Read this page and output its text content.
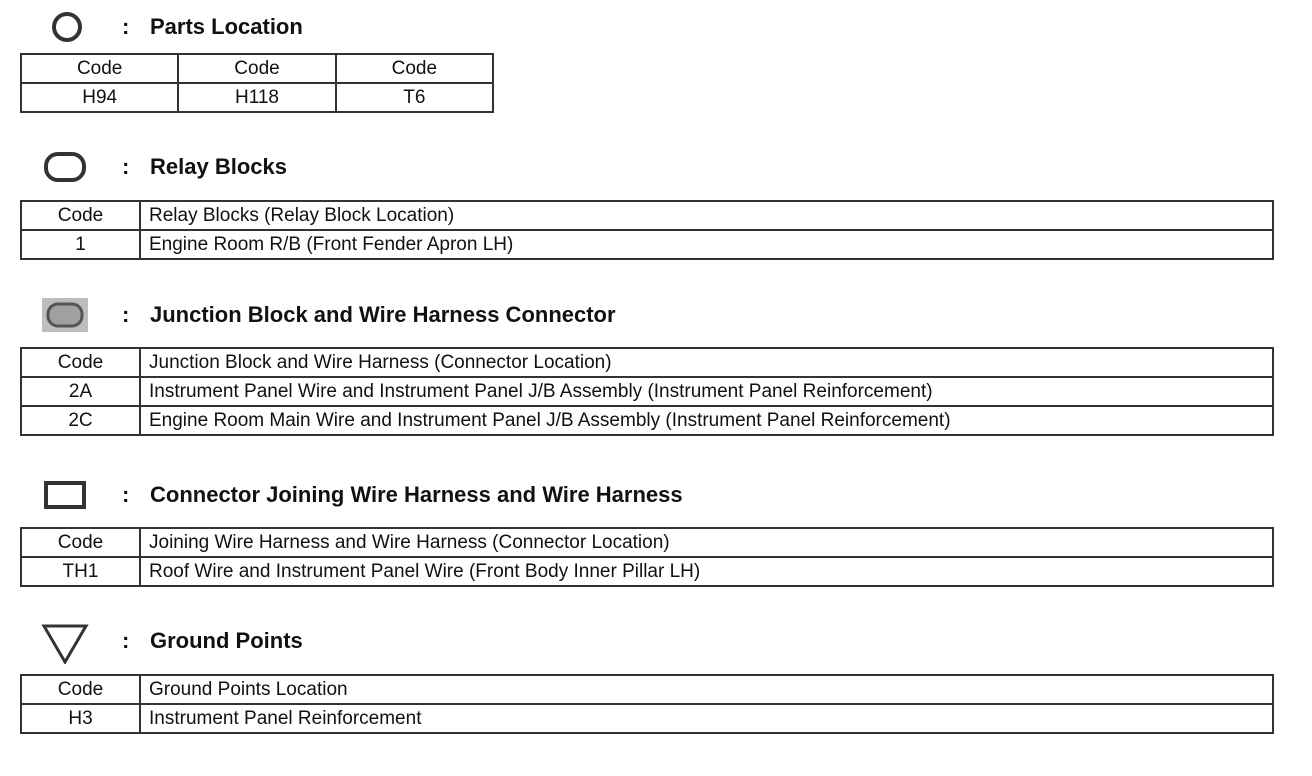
: Parts Location
Code	Code	Code
H94	H118	T6
: Relay Blocks
Code	Relay Blocks (Relay Block Location)
1	Engine Room R/B (Front Fender Apron LH)
: Junction Block and Wire Harness Connector
Code	Junction Block and Wire Harness (Connector Location)
2A	Instrument Panel Wire and Instrument Panel J/B Assembly (Instrument Panel Reinforcement)
2C	Engine Room Main Wire and Instrument Panel J/B Assembly (Instrument Panel Reinforcement)
: Connector Joining Wire Harness and Wire Harness
Code	Joining Wire Harness and Wire Harness (Connector Location)
TH1	Roof Wire and Instrument Panel Wire (Front Body Inner Pillar LH)
: Ground Points
Code	Ground Points Location
H3	Instrument Panel Reinforcement
